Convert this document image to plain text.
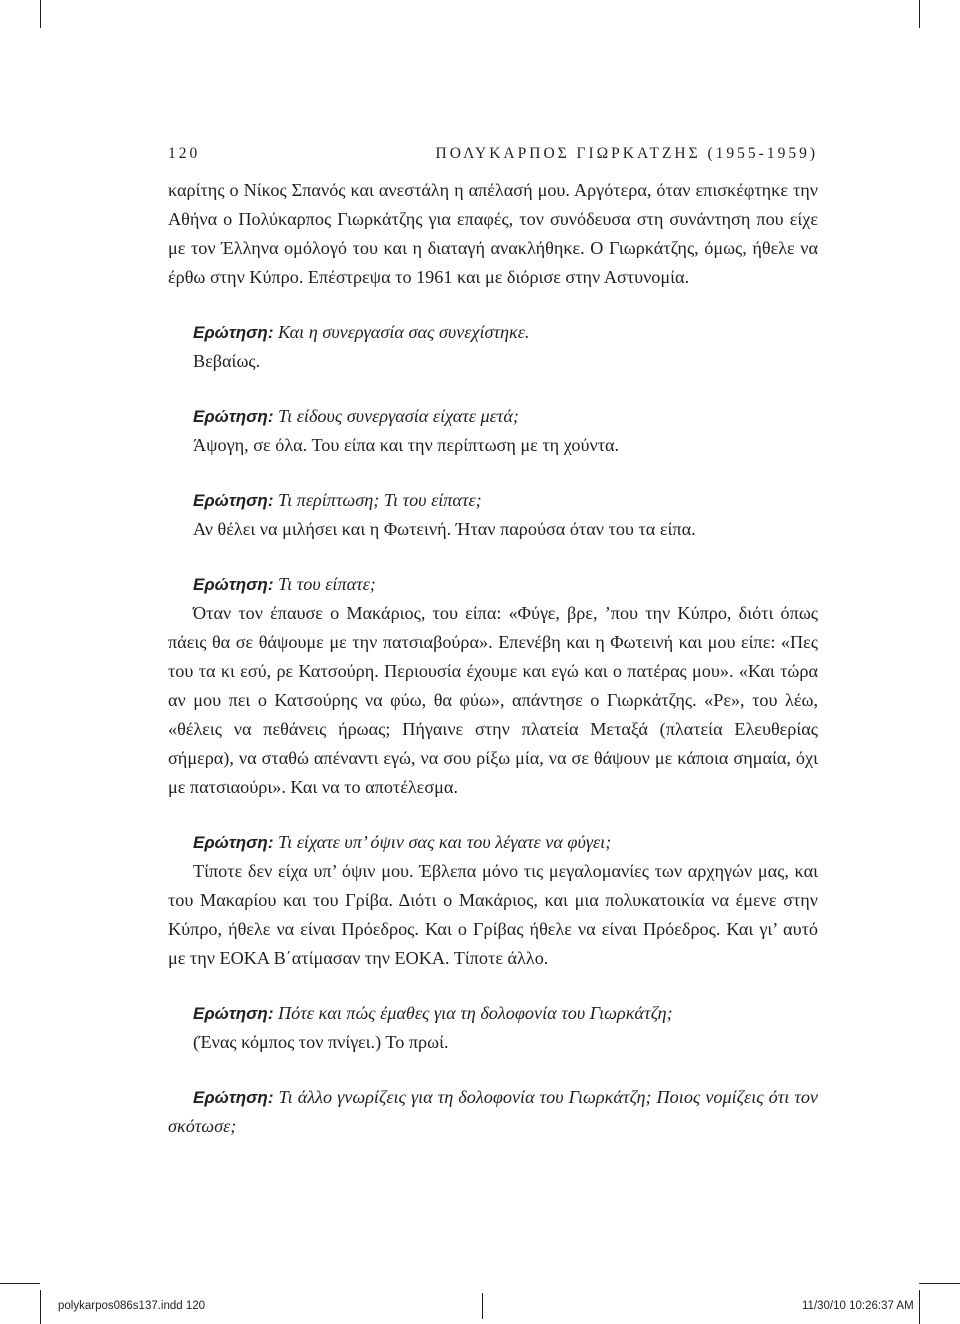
120	ΠΟΛΥΚΑΡΠΟΣ ΓΙΩΡΚΑΤΖΗΣ (1955-1959)

καρίτης ο Νίκος Σπανός και ανεστάλη η απέλασή μου. Αργότερα, όταν επισκέφτηκε την Αθήνα ο Πολύκαρπος Γιωρκάτζης για επαφές, τον συνόδευσα στη συνάντηση που είχε με τον Έλληνα ομόλογό του και η διαταγή ανακλήθηκε. Ο Γιωρκάτζης, όμως, ήθελε να έρθω στην Κύπρο. Επέστρεψα το 1961 και με διόρισε στην Αστυνομία.

Ερώτηση: Και η συνεργασία σας συνεχίστηκε.

Βεβαίως.

Ερώτηση: Τι είδους συνεργασία είχατε μετά;

Άψογη, σε όλα. Του είπα και την περίπτωση με τη χούντα.

Ερώτηση: Τι περίπτωση; Τι του είπατε;

Αν θέλει να μιλήσει και η Φωτεινή. Ήταν παρούσα όταν του τα είπα.

Ερώτηση: Τι του είπατε;

Όταν τον έπαυσε ο Μακάριος, του είπα: «Φύγε, βρε, ’που την Κύπρο, διότι όπως πάεις θα σε θάψουμε με την πατσιαβούρα». Επενέβη και η Φωτεινή και μου είπε: «Πες του τα κι εσύ, ρε Κατσούρη. Περιουσία έχουμε και εγώ και ο πατέρας μου». «Και τώρα αν μου πει ο Κατσούρης να φύω, θα φύω», απάντησε ο Γιωρκάτζης. «Ρε», του λέω, «θέλεις να πεθάνεις ήρωας; Πήγαινε στην πλατεία Μεταξά (πλατεία Ελευθερίας σήμερα), να σταθώ απέναντι εγώ, να σου ρίξω μία, να σε θάψουν με κάποια σημαία, όχι με πατσιαούρι». Και να το αποτέλεσμα.

Ερώτηση: Τι είχατε υπ’ όψιν σας και του λέγατε να φύγει;

Τίποτε δεν είχα υπ’ όψιν μου. Έβλεπα μόνο τις μεγαλομανίες των αρχηγών μας, και του Μακαρίου και του Γρίβα. Διότι ο Μακάριος, και μια πολυκατοικία να έμενε στην Κύπρο, ήθελε να είναι Πρόεδρος. Και ο Γρίβας ήθελε να είναι Πρόεδρος. Και γι’ αυτό με την ΕΟΚΑ Β΄ατίμασαν την ΕΟΚΑ. Τίποτε άλλο.

Ερώτηση: Πότε και πώς έμαθες για τη δολοφονία του Γιωρκάτζη;

(Ένας κόμπος τον πνίγει.) Το πρωί.

Ερώτηση: Τι άλλο γνωρίζεις για τη δολοφονία του Γιωρκάτζη; Ποιος νομίζεις ότι τον σκότωσε;

polykarpos086s137.indd 120	11/30/10 10:26:37 AM
